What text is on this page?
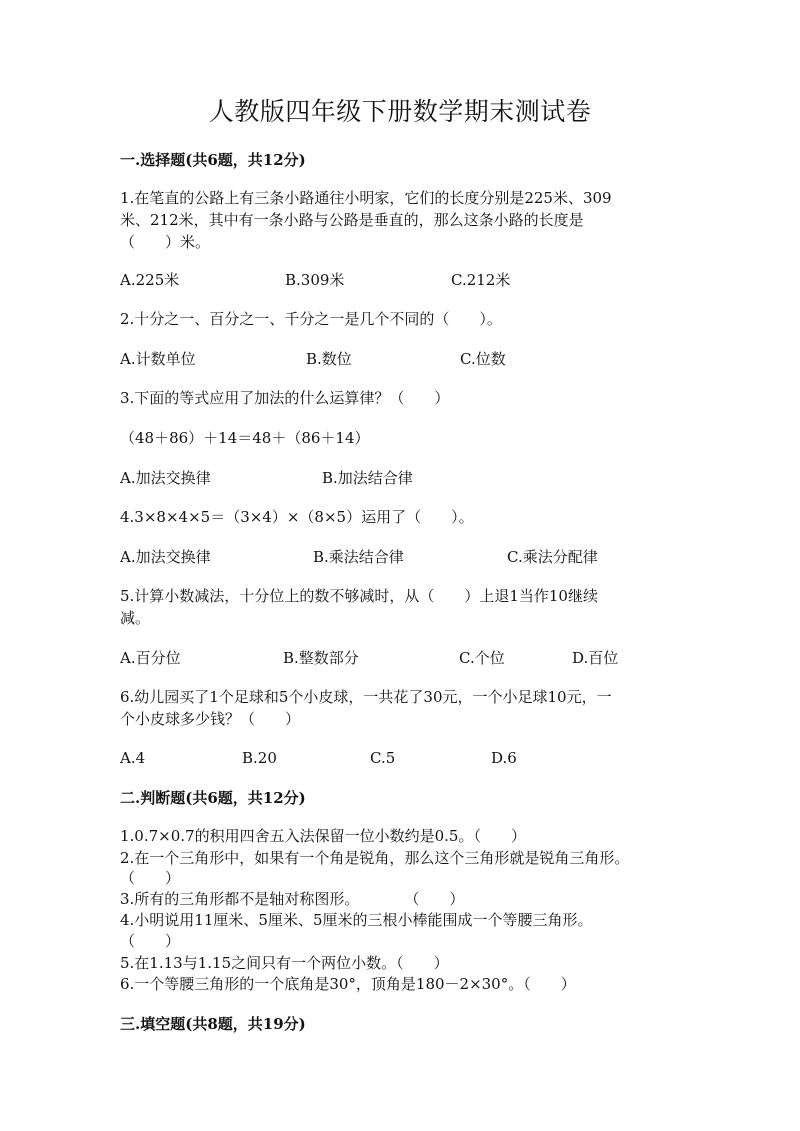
人教版四年级下册数学期末测试卷
一.选择题(共6题，共12分)
1.在笔直的公路上有三条小路通往小明家，它们的长度分别是225米、309
米、212米，其中有一条小路与公路是垂直的，那么这条小路的长度是
（　　）米。
A.225米	B.309米	C.212米
2.十分之一、百分之一、千分之一是几个不同的（　　）。
A.计数单位	B.数位	C.位数
3.下面的等式应用了加法的什么运算律？（　　）
（48＋86）＋14＝48＋（86＋14）
A.加法交换律	B.加法结合律
4.3×8×4×5＝（3×4）×（8×5）运用了（　　）。
A.加法交换律	B.乘法结合律	C.乘法分配律
5.计算小数减法，十分位上的数不够减时，从（　　）上退1当作10继续
减。
A.百分位	B.整数部分	C.个位	D.百位
6.幼儿园买了1个足球和5个小皮球，一共花了30元，一个小足球10元，一
个小皮球多少钱？（　　）
A.4	B.20	C.5	D.6
二.判断题(共6题，共12分)
1.0.7×0.7的积用四舍五入法保留一位小数约是0.5。（　　）
2.在一个三角形中，如果有一个角是锐角，那么这个三角形就是锐角三角形。
（　　）
3.所有的三角形都不是轴对称图形。　　　　（　　）
4.小明说用11厘米、5厘米、5厘米的三根小棒能围成一个等腰三角形。
（　　）
5.在1.13与1.15之间只有一个两位小数。（　　）
6.一个等腰三角形的一个底角是30°，顶角是180－2×30°。（　　）
三.填空题(共8题，共19分)
